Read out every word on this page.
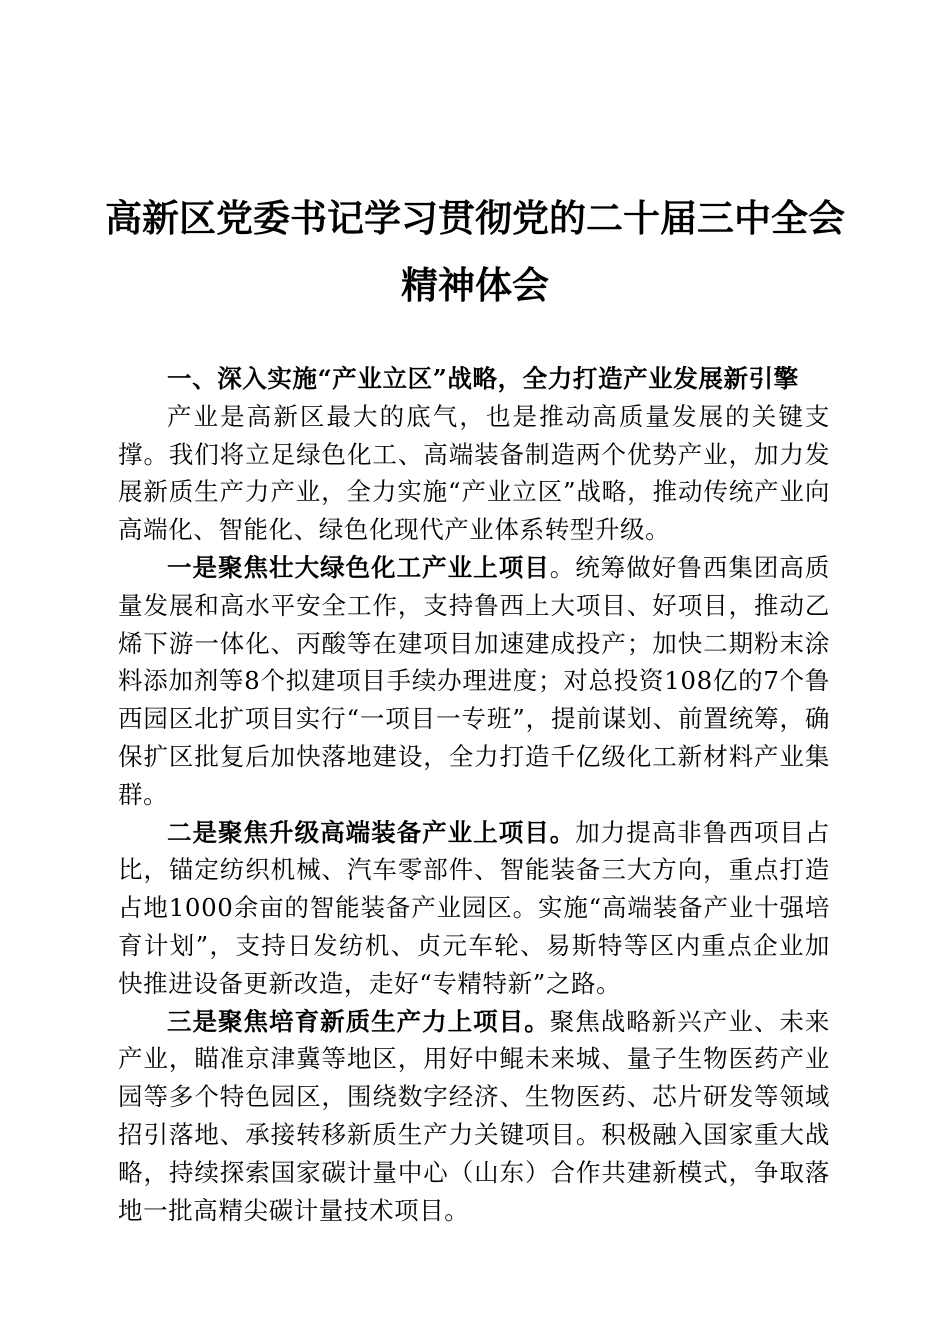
高新区党委书记学习贯彻党的二十届三中全会
精神体会

一、深入实施“产业立区”战略，全力打造产业发展新引擎

产业是高新区最大的底气，也是推动高质量发展的关键支撑。我们将立足绿色化工、高端装备制造两个优势产业，加力发展新质生产力产业，全力实施“产业立区”战略，推动传统产业向高端化、智能化、绿色化现代产业体系转型升级。

一是聚焦壮大绿色化工产业上项目。统筹做好鲁西集团高质量发展和高水平安全工作，支持鲁西上大项目、好项目，推动乙烯下游一体化、丙酸等在建项目加速建成投产；加快二期粉末涂料添加剂等8个拟建项目手续办理进度；对总投资108亿的7个鲁西园区北扩项目实行“一项目一专班”，提前谋划、前置统筹，确保扩区批复后加快落地建设，全力打造千亿级化工新材料产业集群。

二是聚焦升级高端装备产业上项目。加力提高非鲁西项目占比，锚定纺织机械、汽车零部件、智能装备三大方向，重点打造占地1000余亩的智能装备产业园区。实施“高端装备产业十强培育计划”，支持日发纺机、贞元车轮、易斯特等区内重点企业加快推进设备更新改造，走好“专精特新”之路。

三是聚焦培育新质生产力上项目。聚焦战略新兴产业、未来产业，瞄准京津冀等地区，用好中鲲未来城、量子生物医药产业园等多个特色园区，围绕数字经济、生物医药、芯片研发等领域招引落地、承接转移新质生产力关键项目。积极融入国家重大战略，持续探索国家碳计量中心（山东）合作共建新模式，争取落地一批高精尖碳计量技术项目。
